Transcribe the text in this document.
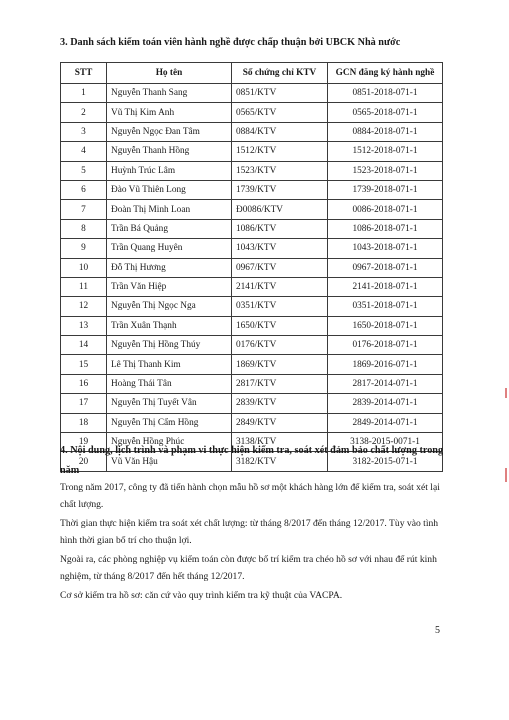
3. Danh sách kiểm toán viên hành nghề được chấp thuận bởi UBCK Nhà nước
STT	Họ tên	Số chứng chỉ KTV	GCN đăng ký hành nghề
1	Nguyễn Thanh Sang	0851/KTV	0851-2018-071-1
2	Vũ Thị Kim Anh	0565/KTV	0565-2018-071-1
3	Nguyễn Ngọc Đan Tâm	0884/KTV	0884-2018-071-1
4	Nguyễn Thanh Hồng	1512/KTV	1512-2018-071-1
5	Huỳnh Trúc Lâm	1523/KTV	1523-2018-071-1
6	Đào Vũ Thiên Long	1739/KTV	1739-2018-071-1
7	Đoàn Thị Minh Loan	Đ0086/KTV	0086-2018-071-1
8	Trần Bá Quảng	1086/KTV	1086-2018-071-1
9	Trần Quang Huyên	1043/KTV	1043-2018-071-1
10	Đỗ Thị Hương	0967/KTV	0967-2018-071-1
11	Trần Văn Hiệp	2141/KTV	2141-2018-071-1
12	Nguyễn Thị Ngọc Nga	0351/KTV	0351-2018-071-1
13	Trần Xuân Thạnh	1650/KTV	1650-2018-071-1
14	Nguyễn Thị Hồng Thúy	0176/KTV	0176-2018-071-1
15	Lê Thị Thanh Kim	1869/KTV	1869-2016-071-1
16	Hoàng Thái Tân	2817/KTV	2817-2014-071-1
17	Nguyễn Thị Tuyết Vân	2839/KTV	2839-2014-071-1
18	Nguyễn Thị Cẩm Hồng	2849/KTV	2849-2014-071-1
19	Nguyễn Hồng Phúc	3138/KTV	3138-2015-0071-1
20	Vũ Văn Hậu	3182/KTV	3182-2015-071-1
4. Nội dung, lịch trình và phạm vi thực hiện kiểm tra, soát xét đảm bảo chất lượng trong năm
Trong năm 2017, công ty đã tiến hành chọn mẫu hồ sơ một khách hàng lớn để kiểm tra, soát xét lại chất lượng.
Thời gian thực hiện kiểm tra soát xét chất lượng: từ tháng 8/2017 đến tháng 12/2017. Tùy vào tình hình thời gian bố trí cho thuận lợi.
Ngoài ra, các phòng nghiệp vụ kiểm toán còn được bố trí kiểm tra chéo hồ sơ với nhau để rút kinh nghiệm, từ tháng 8/2017 đến hết tháng 12/2017.
Cơ sở kiểm tra hồ sơ: căn cứ vào quy trình kiểm tra kỹ thuật của VACPA.
5
